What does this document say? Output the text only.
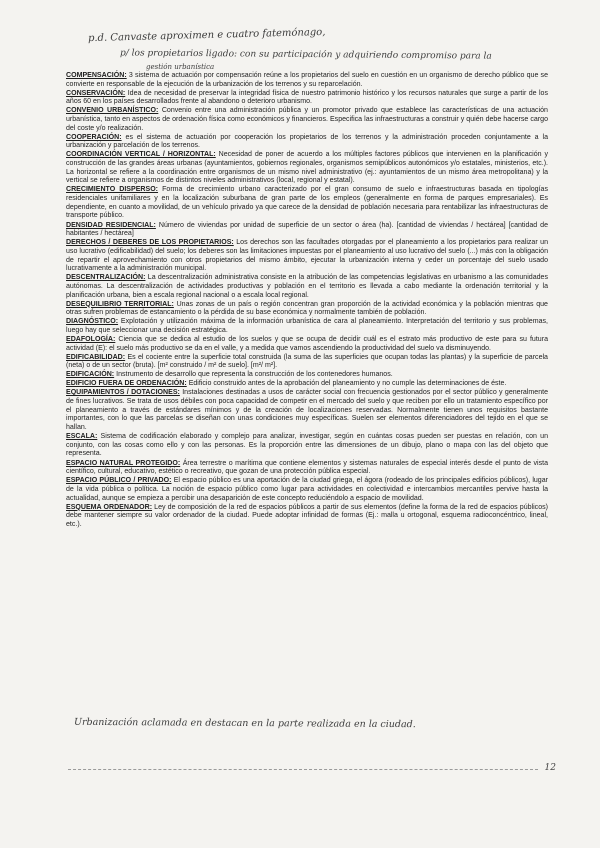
p.d. Canvaste aproximen e cuatro fatemónago,
p/ los propietarios ligado: con su participación y adquiriendo compromiso para la
gestión urbanística

COMPENSACIÓN: 3 sistema de actuación por compensación reúne a los propietarios del suelo en cuestión en un organismo de derecho público que se convierte en responsable de la ejecución de la urbanización de los terrenos y su reparcelación.

CONSERVACIÓN: Idea de necesidad de preservar la integridad física de nuestro patrimonio histórico y los recursos naturales que surge a partir de los años 60 en los países desarrollados frente al abandono o deterioro urbanismo.

CONVENIO URBANÍSTICO: Convenio entre una administración pública y un promotor privado que establece las características de una actuación urbanística, tanto en aspectos de ordenación física como económicos y financieros. Especifica las infraestructuras a construir y quién debe hacerse cargo del coste y/o realización.

COOPERACIÓN: es el sistema de actuación por cooperación los propietarios de los terrenos y la administración proceden conjuntamente a la urbanización y parcelación de los terrenos.

COORDINACIÓN VERTICAL / HORIZONTAL: Necesidad de poner de acuerdo a los múltiples factores públicos que intervienen en la planificación y construcción de las grandes áreas urbanas (ayuntamientos, gobiernos regionales, organismos semipúblicos autonómicos y/o estatales, ministerios, etc.). La horizontal se refiere a la coordinación entre organismos de un mismo nivel administrativo (ej.: ayuntamientos de un mismo área metropolitana) y la vertical se refiere a organismos de distintos niveles administrativos (local, regional y estatal).

CRECIMIENTO DISPERSO: Forma de crecimiento urbano caracterizado por el gran consumo de suelo e infraestructuras basada en tipologías residenciales unifamiliares y en la localización suburbana de gran parte de los empleos (generalmente en forma de parques empresariales). Es dependiente, en cuanto a movilidad, de un vehículo privado ya que carece de la densidad de población necesaria para rentabilizar las infraestructuras de transporte público.

DENSIDAD RESIDENCIAL: Número de viviendas por unidad de superficie de un sector o área (ha). [cantidad de viviendas / hectárea] [cantidad de habitantes / hectárea]

DERECHOS / DEBERES DE LOS PROPIETARIOS: Los derechos son las facultades otorgadas por el planeamiento a los propietarios para realizar un uso lucrativo (edificabilidad) del suelo; los deberes son las limitaciones impuestas por el planeamiento al uso lucrativo del suelo (...) más con la obligación de repartir el aprovechamiento con otros propietarios del mismo ámbito, ejecutar la urbanización interna y ceder un porcentaje del suelo usado lucrativamente a la administración municipal.

DESCENTRALIZACIÓN: La descentralización administrativa consiste en la atribución de las competencias legislativas en urbanismo a las comunidades autónomas. La descentralización de actividades productivas y población en el territorio es llevada a cabo mediante la ordenación territorial y la planificación urbana, bien a escala regional nacional o a escala local regional.

DESEQUILIBRIO TERRITORIAL: Unas zonas de un país o región concentran gran proporción de la actividad económica y la población mientras que otras sufren problemas de estancamiento o la pérdida de su base económica y normalmente también de población.

DIAGNÓSTICO: Explotación y utilización máxima de la información urbanística de cara al planeamiento. Interpretación del territorio y sus problemas, luego hay que seleccionar una decisión estratégica.

EDAFOLOGÍA: Ciencia que se dedica al estudio de los suelos y que se ocupa de decidir cuál es el estrato más productivo de este para su futura actividad (E): el suelo más productivo se da en el valle, y a medida que vamos ascendiendo la productividad del suelo va disminuyendo.

EDIFICABILIDAD: Es el cociente entre la superficie total construida (la suma de las superficies que ocupan todas las plantas) y la superficie de parcela (neta) o de un sector (bruta). [m² construido / m² de suelo]. [m²/ m²].

EDIFICACIÓN: Instrumento de desarrollo que representa la construcción de los contenedores humanos.

EDIFICIO FUERA DE ORDENACIÓN: Edificio construido antes de la aprobación del planeamiento y no cumple las determinaciones de éste.

EQUIPAMIENTOS / DOTACIONES: Instalaciones destinadas a usos de carácter social con frecuencia gestionados por el sector público y generalmente de fines lucrativos. Se trata de usos débiles con poca capacidad de competir en el mercado del suelo y que reciben por ello un tratamiento específico por el planeamiento a través de estándares mínimos y de la creación de localizaciones reservadas. Normalmente tienen unos requisitos bastante importantes, con lo que las parcelas se diseñan con unas condiciones muy específicas. Suelen ser elementos diferenciadores del tejido en el que se hallan.

ESCALA: Sistema de codificación elaborado y complejo para analizar, investigar, según en cuántas cosas pueden ser puestas en relación, con un conjunto, con las cosas como ello y con las personas. Es la proporción entre las dimensiones de un dibujo, plano o mapa con las del objeto que representa.

ESPACIO NATURAL PROTEGIDO: Área terrestre o marítima que contiene elementos y sistemas naturales de especial interés desde el punto de vista científico, cultural, educativo, estético o recreativo, que gozan de una protección pública especial.

ESPACIO PÚBLICO / PRIVADO: El espacio público es una aportación de la ciudad griega, el ágora (rodeado de los principales edificios públicos), lugar de la vida pública o política. La noción de espacio público como lugar para actividades en colectividad e intercambios mercantiles pervive hasta la actualidad, aunque se empieza a percibir una desaparición de este concepto reduciéndolo a espacio de movilidad.

ESQUEMA ORDENADOR: Ley de composición de la red de espacios públicos a partir de sus elementos (define la forma de la red de espacios públicos) debe mantener siempre su valor ordenador de la ciudad. Puede adoptar infinidad de formas (Ej.: malla u ortogonal, esquema radioconcéntrico, lineal, etc.).

Urbanización aclamada en destacan en la parte realizada en la ciudad.
12
